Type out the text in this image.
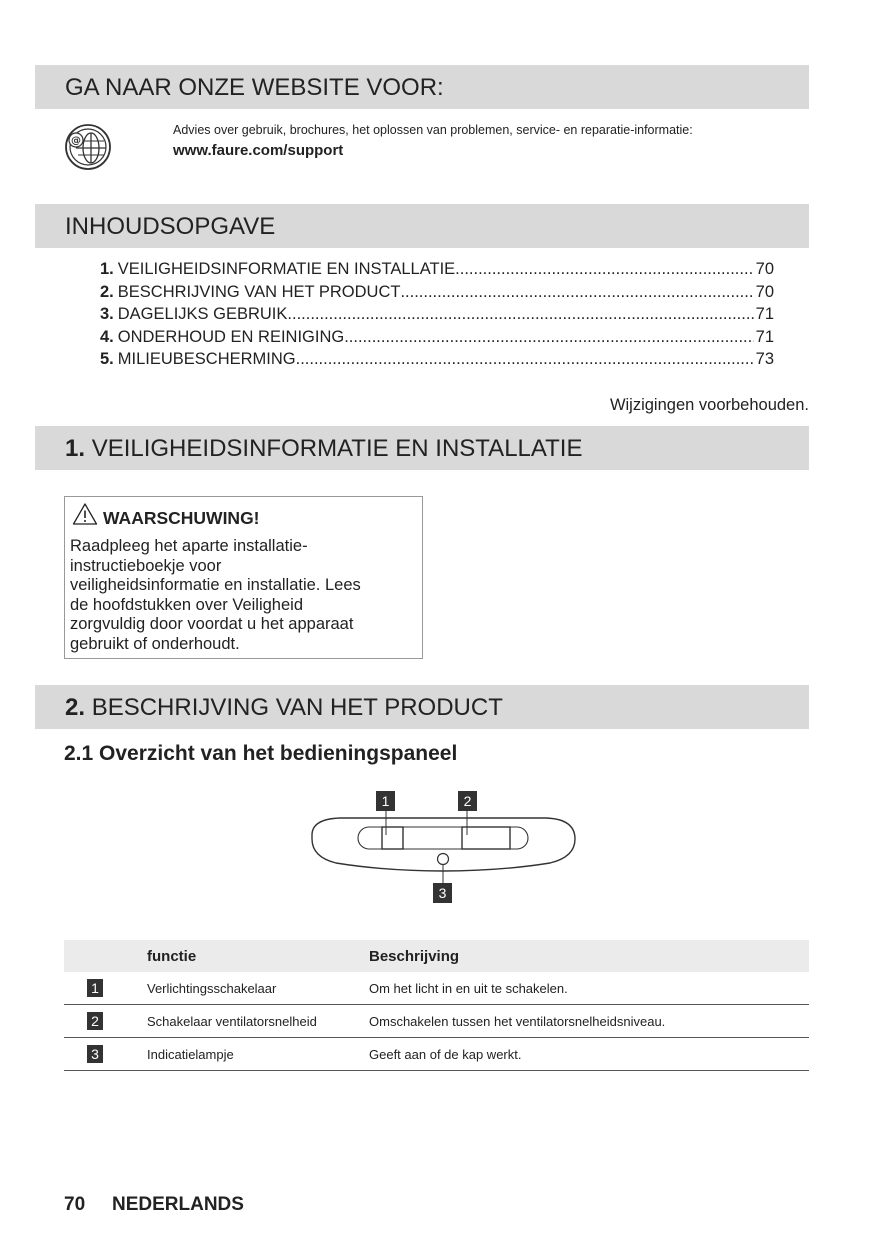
GA NAAR ONZE WEBSITE VOOR:
@
Advies over gebruik, brochures, het oplossen van problemen, service- en reparatie-informatie:
www.faure.com/support
INHOUDSOPGAVE
1. VEILIGHEIDSINFORMATIE EN INSTALLATIE .....	70
2. BESCHRIJVING VAN HET PRODUCT .....	70
3. DAGELIJKS GEBRUIK .....	71
4. ONDERHOUD EN REINIGING .....	71
5. MILIEUBESCHERMING .....	73
Wijzigingen voorbehouden.
1. VEILIGHEIDSINFORMATIE EN INSTALLATIE
WAARSCHUWING!
Raadpleeg het aparte installatie-
instructieboekje voor
veiligheidsinformatie en installatie. Lees
de hoofdstukken over Veiligheid
zorgvuldig door voordat u het apparaat
gebruikt of onderhoudt.
2. BESCHRIJVING VAN HET PRODUCT
2.1 Overzicht van het bedieningspaneel
1	2
3
	functie	Beschrijving
1	Verlichtingsschakelaar	Om het licht in en uit te schakelen.
2	Schakelaar ventilatorsnelheid	Omschakelen tussen het ventilatorsnelheidsniveau.
3	Indicatielampje	Geeft aan of de kap werkt.
70 NEDERLANDS
